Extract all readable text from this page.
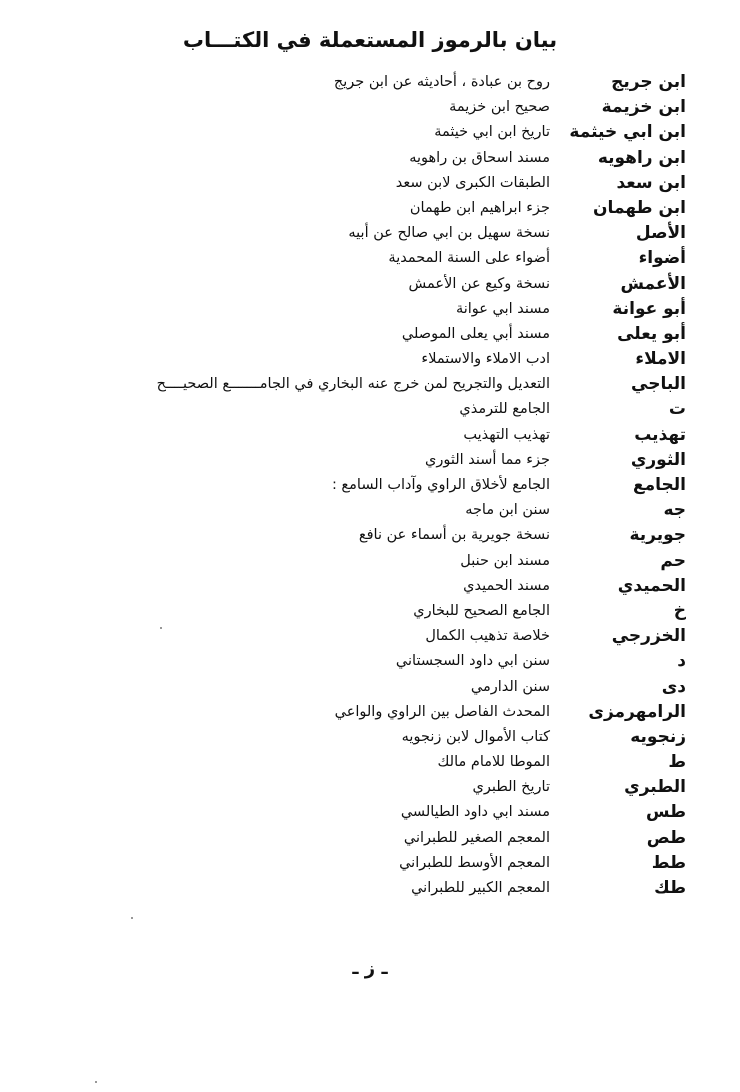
بيان بالرموز المستعملة في الكتـــاب
ابن جريج
روح بن عبادة ، أحاديثه عن ابن جريج
ابن خزيمة
صحيح ابن خزيمة
ابن ابي خيثمة
تاريخ ابن ابي خيثمة
ابن راهويه
مسند اسحاق بن راهويه
ابن سعد
الطبقات الكبرى لابن سعد
ابن طهمان
جزء ابراهيم ابن طهمان
الأصل
نسخة سهيل بن ابي صالح عن أبيه
أضواء
أضواء على السنة المحمدية
الأعمش
نسخة وكيع عن الأعمش
أبو عوانة
مسند ابي عوانة
أبو يعلى
مسند أبي يعلى الموصلي
الاملاء
ادب الاملاء والاستملاء
الباجي
التعديل والتجريح لمن خرج عنه البخاري في الجامـــــــع الصحيــــح
ت
الجامع للترمذي
تهذيب
تهذيب التهذيب
الثوري
جزء مما أسند الثوري
الجامع
الجامع لأخلاق الراوي وآداب السامع :
جه
سنن ابن ماجه
جويرية
نسخة جويرية بن أسماء عن نافع
حم
مسند ابن حنبل
الحميدي
مسند الحميدي
خ
الجامع الصحيح للبخاري
الخزرجي
خلاصة تذهيب الكمال
د
سنن ابي داود السجستاني
دى
سنن الدارمي
الرامهرمزى
المحدث الفاصل بين الراوي والواعي
زنجويه
كتاب الأموال لابن زنجويه
ط
الموطا للامام مالك
الطبري
تاريخ الطبري
طس
مسند ابي داود الطيالسي
طص
المعجم الصغير للطبراني
طط
المعجم الأوسط للطبراني
طك
المعجم الكبير للطبراني
ـ ز ـ
